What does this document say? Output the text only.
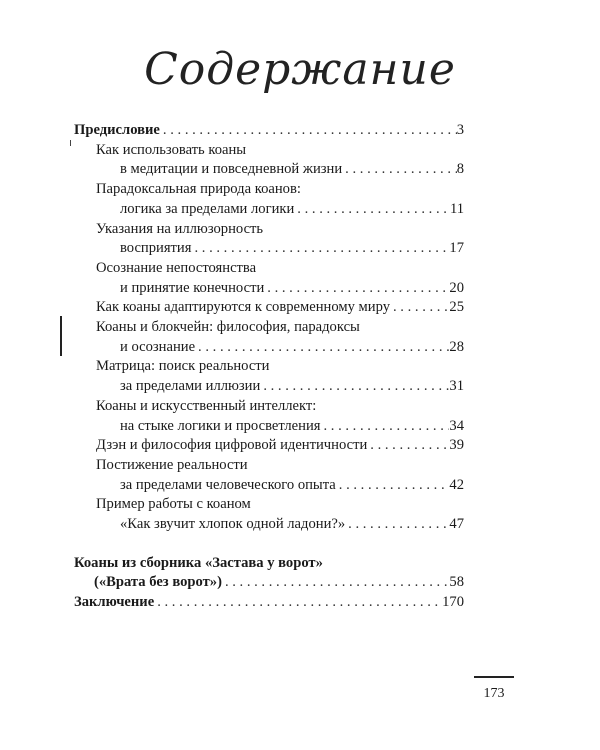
Содержание
Предисловие . . .	3
Как использовать коаны
в медитации и повседневной жизни . . .	8
Парадоксальная природа коанов:
логика за пределами логики . . .	11
Указания на иллюзорность
восприятия . . .	17
Осознание непостоянства
и принятие конечности . . .	20
Как коаны адаптируются к современному миру . . .	25
Коаны и блокчейн: философия, парадоксы
и осознание . . .	28
Матрица: поиск реальности
за пределами иллюзии . . .	31
Коаны и искусственный интеллект:
на стыке логики и просветления . . .	34
Дзэн и философия цифровой идентичности . . .	39
Постижение реальности
за пределами человеческого опыта . . .	42
Пример работы с коаном
«Как звучит хлопок одной ладони?» . . .	47
Коаны из сборника «Застава у ворот»
(«Врата без ворот») . . .	58
Заключение . . .	170
173
